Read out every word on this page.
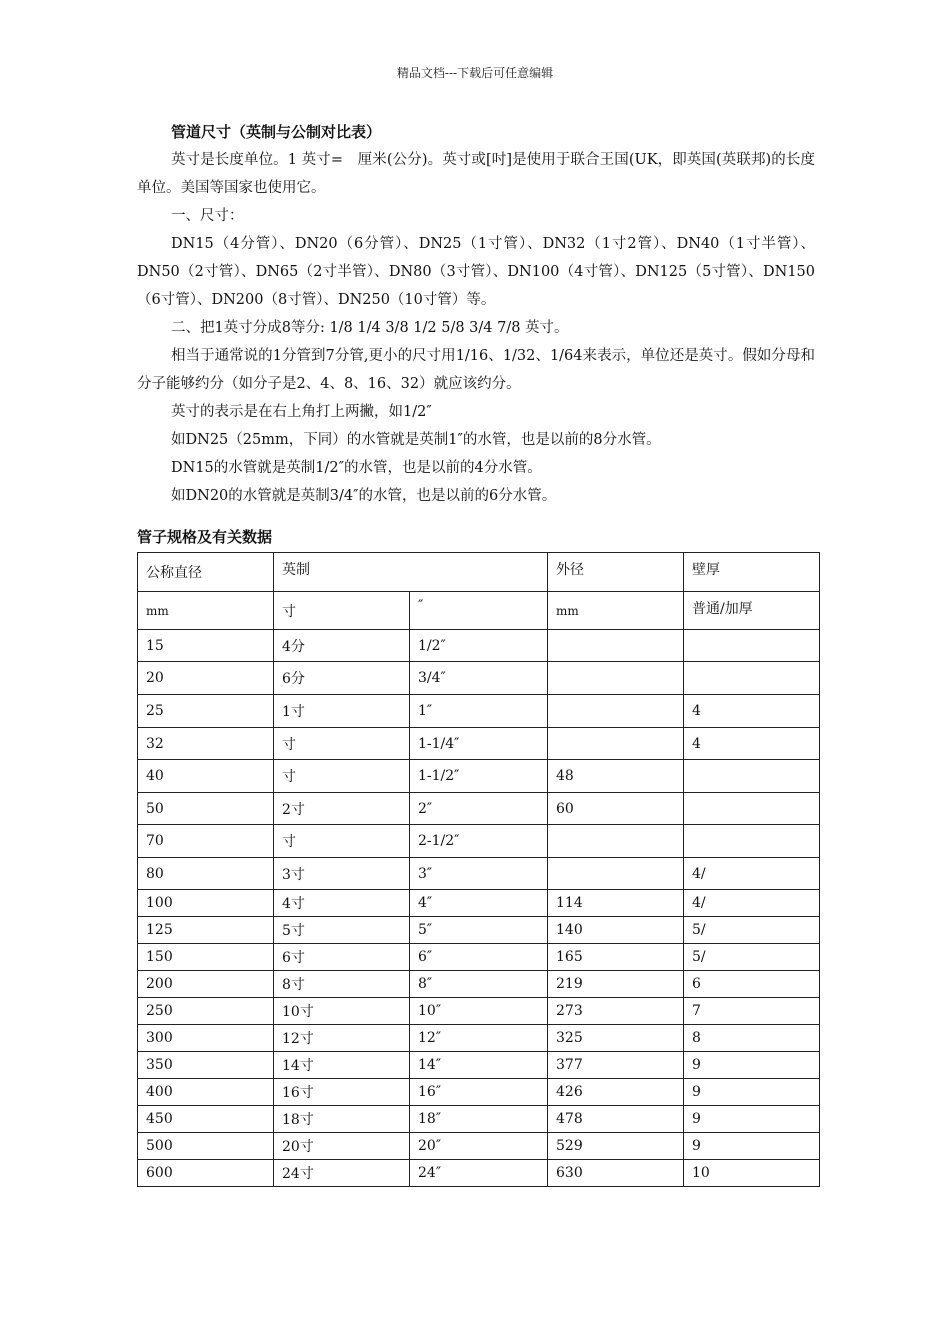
精品文档---下载后可任意编辑
管道尺寸（英制与公制对比表）

英寸是长度单位。1 英寸=　厘米(公分)。英寸或[吋]是使用于联合王国(UK，即英国(英联邦)的长度单位。美国等国家也使用它。

一、尺寸：

DN15（4分管）、DN20（6分管）、DN25（1寸管）、DN32（1寸2管）、DN40（1寸半管）、DN50（2寸管）、DN65（2寸半管）、DN80（3寸管）、DN100（4寸管）、DN125（5寸管）、DN150（6寸管）、DN200（8寸管）、DN250（10寸管）等。

二、把1英寸分成8等分: 1/8 1/4 3/8 1/2 5/8 3/4 7/8 英寸。

相当于通常说的1分管到7分管,更小的尺寸用1/16、1/32、1/64来表示，单位还是英寸。假如分母和分子能够约分（如分子是2、4、8、16、32）就应该约分。

英寸的表示是在右上角打上两撇，如1/2″

如DN25（25mm，下同）的水管就是英制1″的水管，也是以前的8分水管。

DN15的水管就是英制1/2″的水管，也是以前的4分水管。

如DN20的水管就是英制3/4″的水管，也是以前的6分水管。

管子规格及有关数据
公称直径	英制		外径	壁厚
mm	寸	″	mm	普通/加厚
15	4分	1/2″		
20	6分	3/4″		
25	1寸	1″		4
32	寸	1-1/4″		4
40	寸	1-1/2″	48	
50	2寸	2″	60	
70	寸	2-1/2″		
80	3寸	3″		4/
100	4寸	4″	114	4/
125	5寸	5″	140	5/
150	6寸	6″	165	5/
200	8寸	8″	219	6
250	10寸	10″	273	7
300	12寸	12″	325	8
350	14寸	14″	377	9
400	16寸	16″	426	9
450	18寸	18″	478	9
500	20寸	20″	529	9
600	24寸	24″	630	10
